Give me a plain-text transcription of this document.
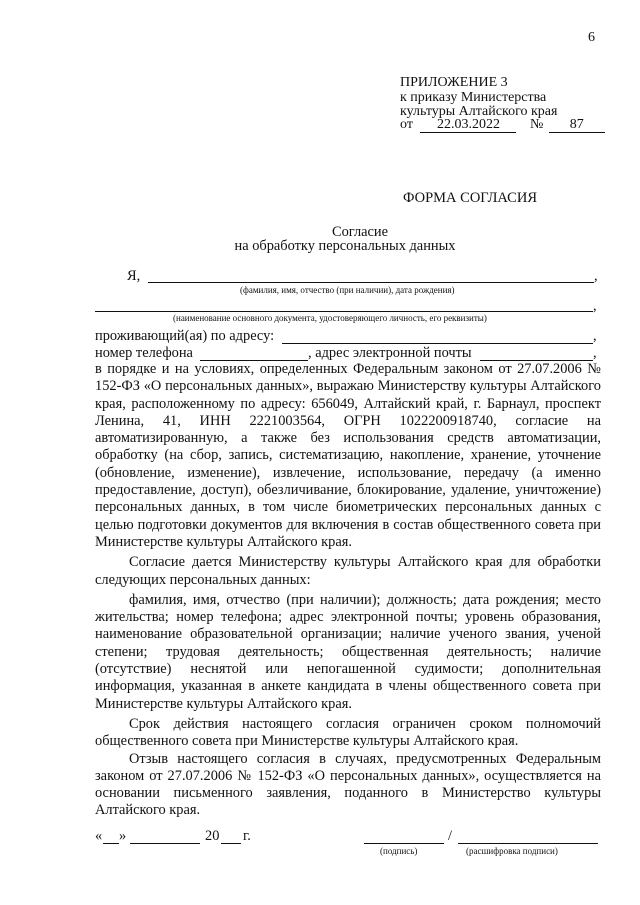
6
ПРИЛОЖЕНИЕ 3
к приказу Министерства
культуры Алтайского края
от 22.03.2022 № 87
ФОРМА СОГЛАСИЯ
Согласие
на обработку персональных данных
Я,	,
(фамилия, имя, отчество (при наличии), дата рождения)
,
(наименование основного документа, удостоверяющего личность, его реквизиты)
проживающий(ая) по адресу:	,
номер телефона	, адрес электронной почты	,

в порядке и на условиях, определенных Федеральным законом от 27.07.2006 № 152-ФЗ «О персональных данных», выражаю Министерству культуры Алтайского края, расположенному по адресу: 656049, Алтайский край, г. Барнаул, проспект Ленина, 41, ИНН 2221003564, ОГРН 1022200918740, согласие на автоматизированную, а также без использования средств автоматизации, обработку (на сбор, запись, систематизацию, накопление, хранение, уточнение (обновление, изменение), извлечение, использование, передачу (а именно предоставление, доступ), обезличивание, блокирование, удаление, уничтожение) персональных данных, в том числе биометрических персональных данных с целью подготовки документов для включения в состав общественного совета при Министерстве культуры Алтайского края.

Согласие дается Министерству культуры Алтайского края для обработки следующих персональных данных:

фамилия, имя, отчество (при наличии); должность; дата рождения; место жительства; номер телефона; адрес электронной почты; уровень образования, наименование образовательной организации; наличие ученого звания, ученой степени; трудовая деятельность; общественная деятельность; наличие (отсутствие) неснятой или непогашенной судимости; дополнительная информация, указанная в анкете кандидата в члены общественного совета при Министерстве культуры Алтайского края.

Срок действия настоящего согласия ограничен сроком полномочий общественного совета при Министерстве культуры Алтайского края.

Отзыв настоящего согласия в случаях, предусмотренных Федеральным законом от 27.07.2006 № 152-ФЗ «О персональных данных», осуществляется на основании письменного заявления, поданного в Министерство культуры Алтайского края.

« »	20 г.	/
(подпись)	(расшифровка подписи)
